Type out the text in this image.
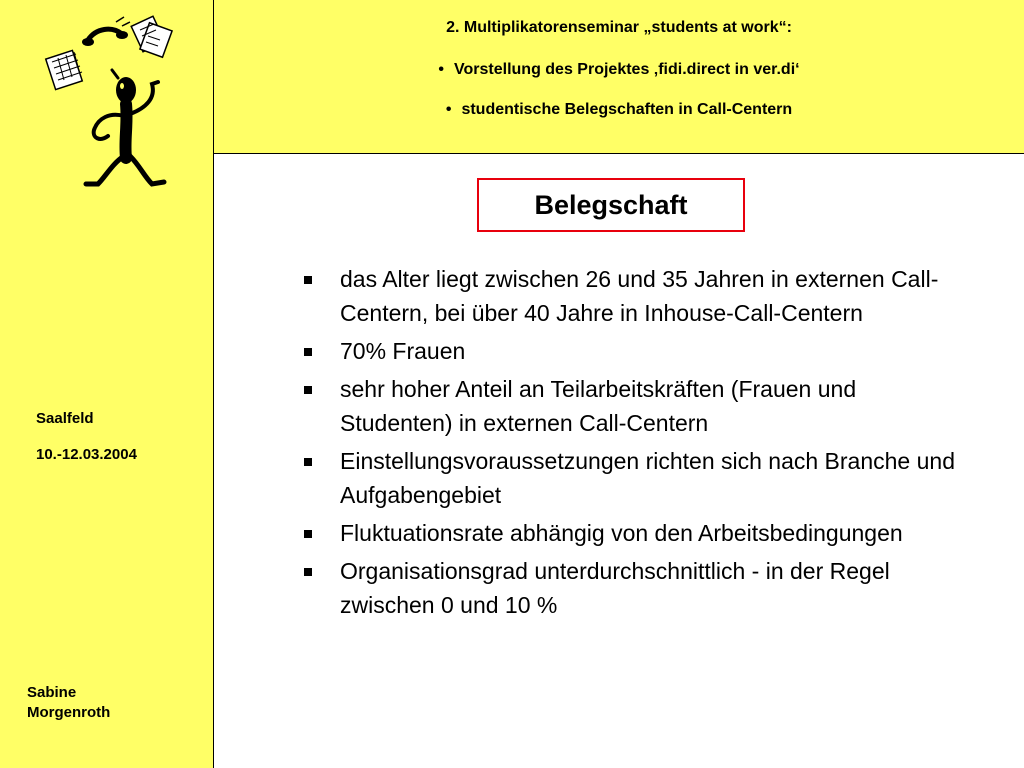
Saalfeld
10.-12.03.2004
Sabine
Morgenroth
2. Multiplikatorenseminar „students at work“:
• Vorstellung des Projektes ‚fidi.direct in ver.di‘
• studentische Belegschaften in Call-Centern
Belegschaft
das Alter liegt zwischen 26 und 35 Jahren in externen Call-Centern, bei über 40 Jahre in Inhouse-Call-Centern
70% Frauen
sehr hoher Anteil an Teilarbeitskräften (Frauen und Studenten) in externen Call-Centern
Einstellungsvoraussetzungen richten sich nach Branche und Aufgabengebiet
Fluktuationsrate abhängig von den Arbeitsbedingungen
Organisationsgrad unterdurchschnittlich - in der Regel zwischen 0 und 10 %
